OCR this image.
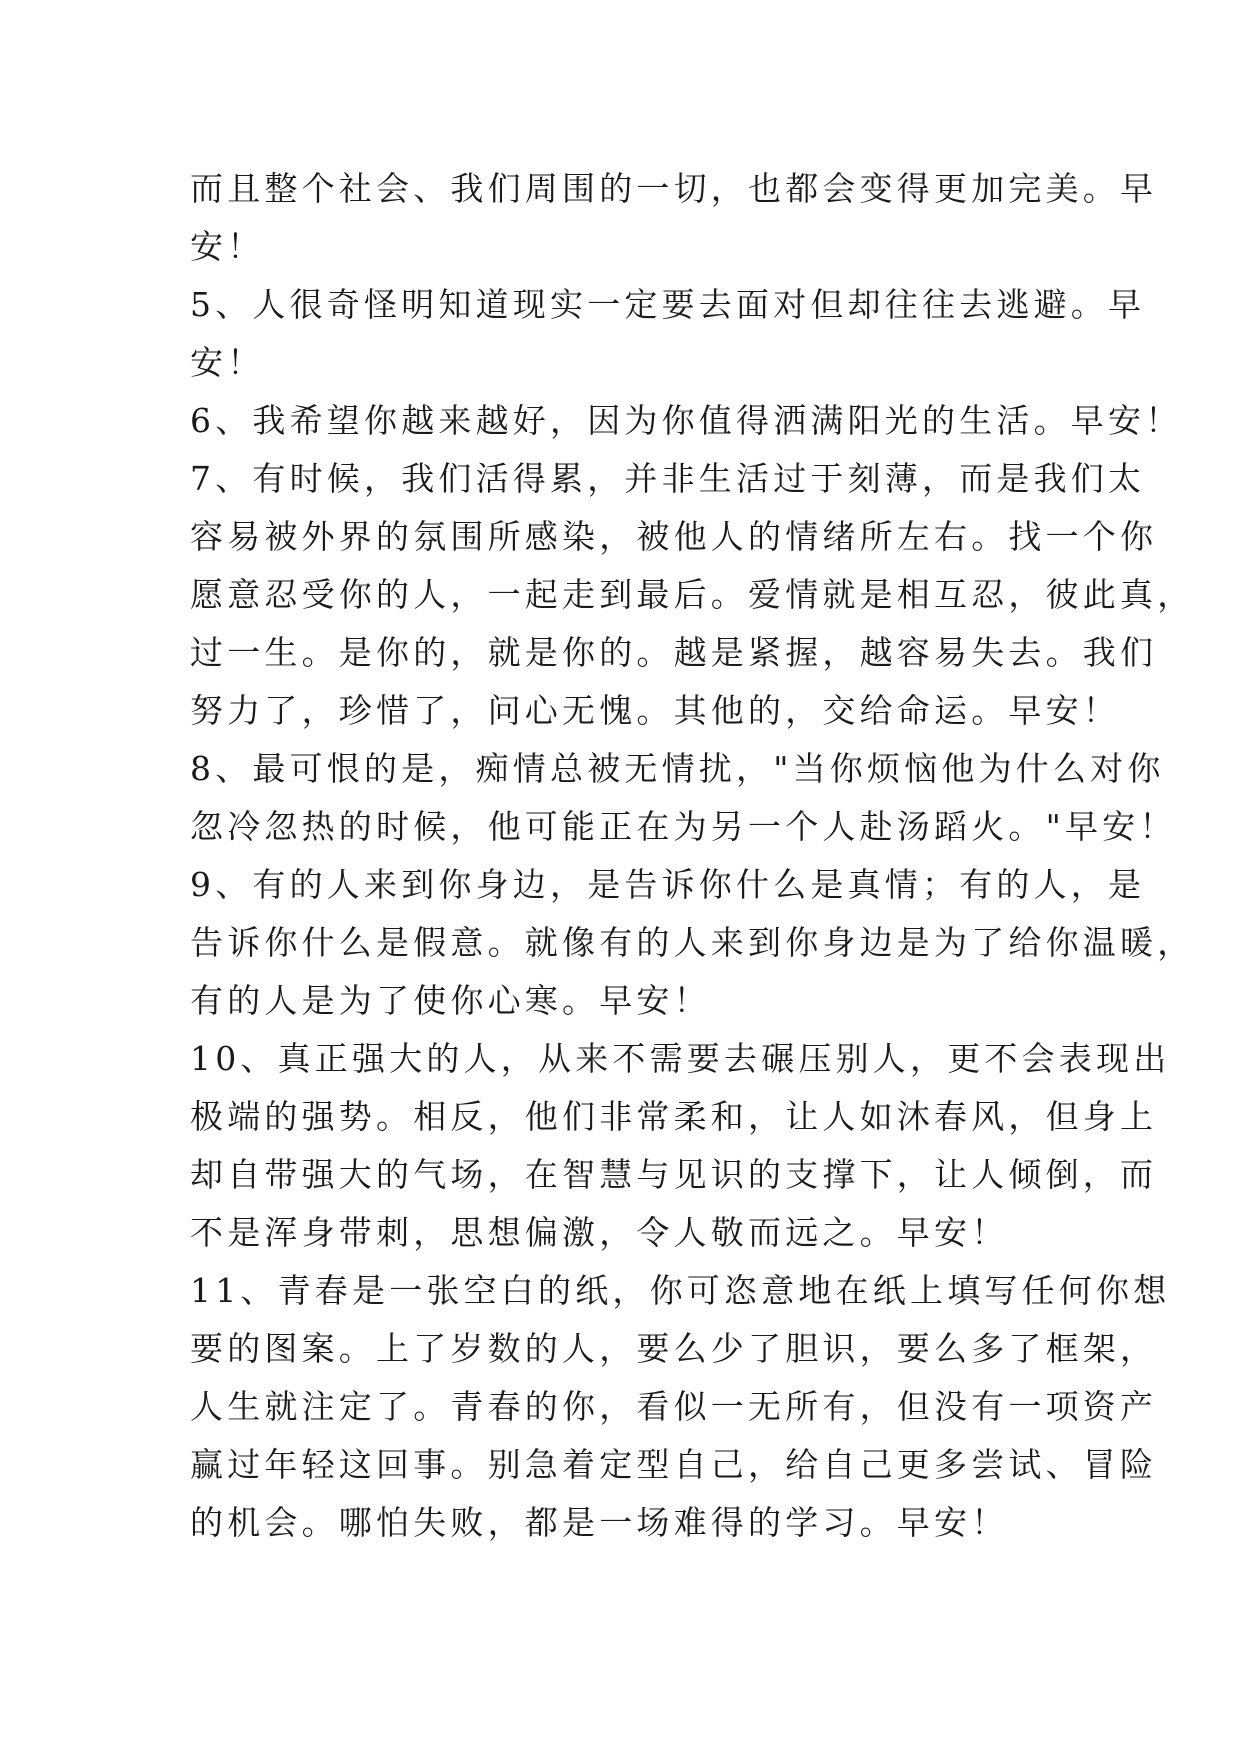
而且整个社会、我们周围的一切，也都会变得更加完美。早
安！
5、人很奇怪明知道现实一定要去面对但却往往去逃避。早
安！
6、我希望你越来越好，因为你值得洒满阳光的生活。早安！
7、有时候，我们活得累，并非生活过于刻薄，而是我们太
容易被外界的氛围所感染，被他人的情绪所左右。找一个你
愿意忍受你的人，一起走到最后。爱情就是相互忍，彼此真，
过一生。是你的，就是你的。越是紧握，越容易失去。我们
努力了，珍惜了，问心无愧。其他的，交给命运。早安！
8、最可恨的是，痴情总被无情扰，"当你烦恼他为什么对你
忽冷忽热的时候，他可能正在为另一个人赴汤蹈火。"早安！
9、有的人来到你身边，是告诉你什么是真情；有的人，是
告诉你什么是假意。就像有的人来到你身边是为了给你温暖，
有的人是为了使你心寒。早安！
10、真正强大的人，从来不需要去碾压别人，更不会表现出
极端的强势。相反，他们非常柔和，让人如沐春风，但身上
却自带强大的气场，在智慧与见识的支撑下，让人倾倒，而
不是浑身带刺，思想偏激，令人敬而远之。早安！
11、青春是一张空白的纸，你可恣意地在纸上填写任何你想
要的图案。上了岁数的人，要么少了胆识，要么多了框架，
人生就注定了。青春的你，看似一无所有，但没有一项资产
赢过年轻这回事。别急着定型自己，给自己更多尝试、冒险
的机会。哪怕失败，都是一场难得的学习。早安！
